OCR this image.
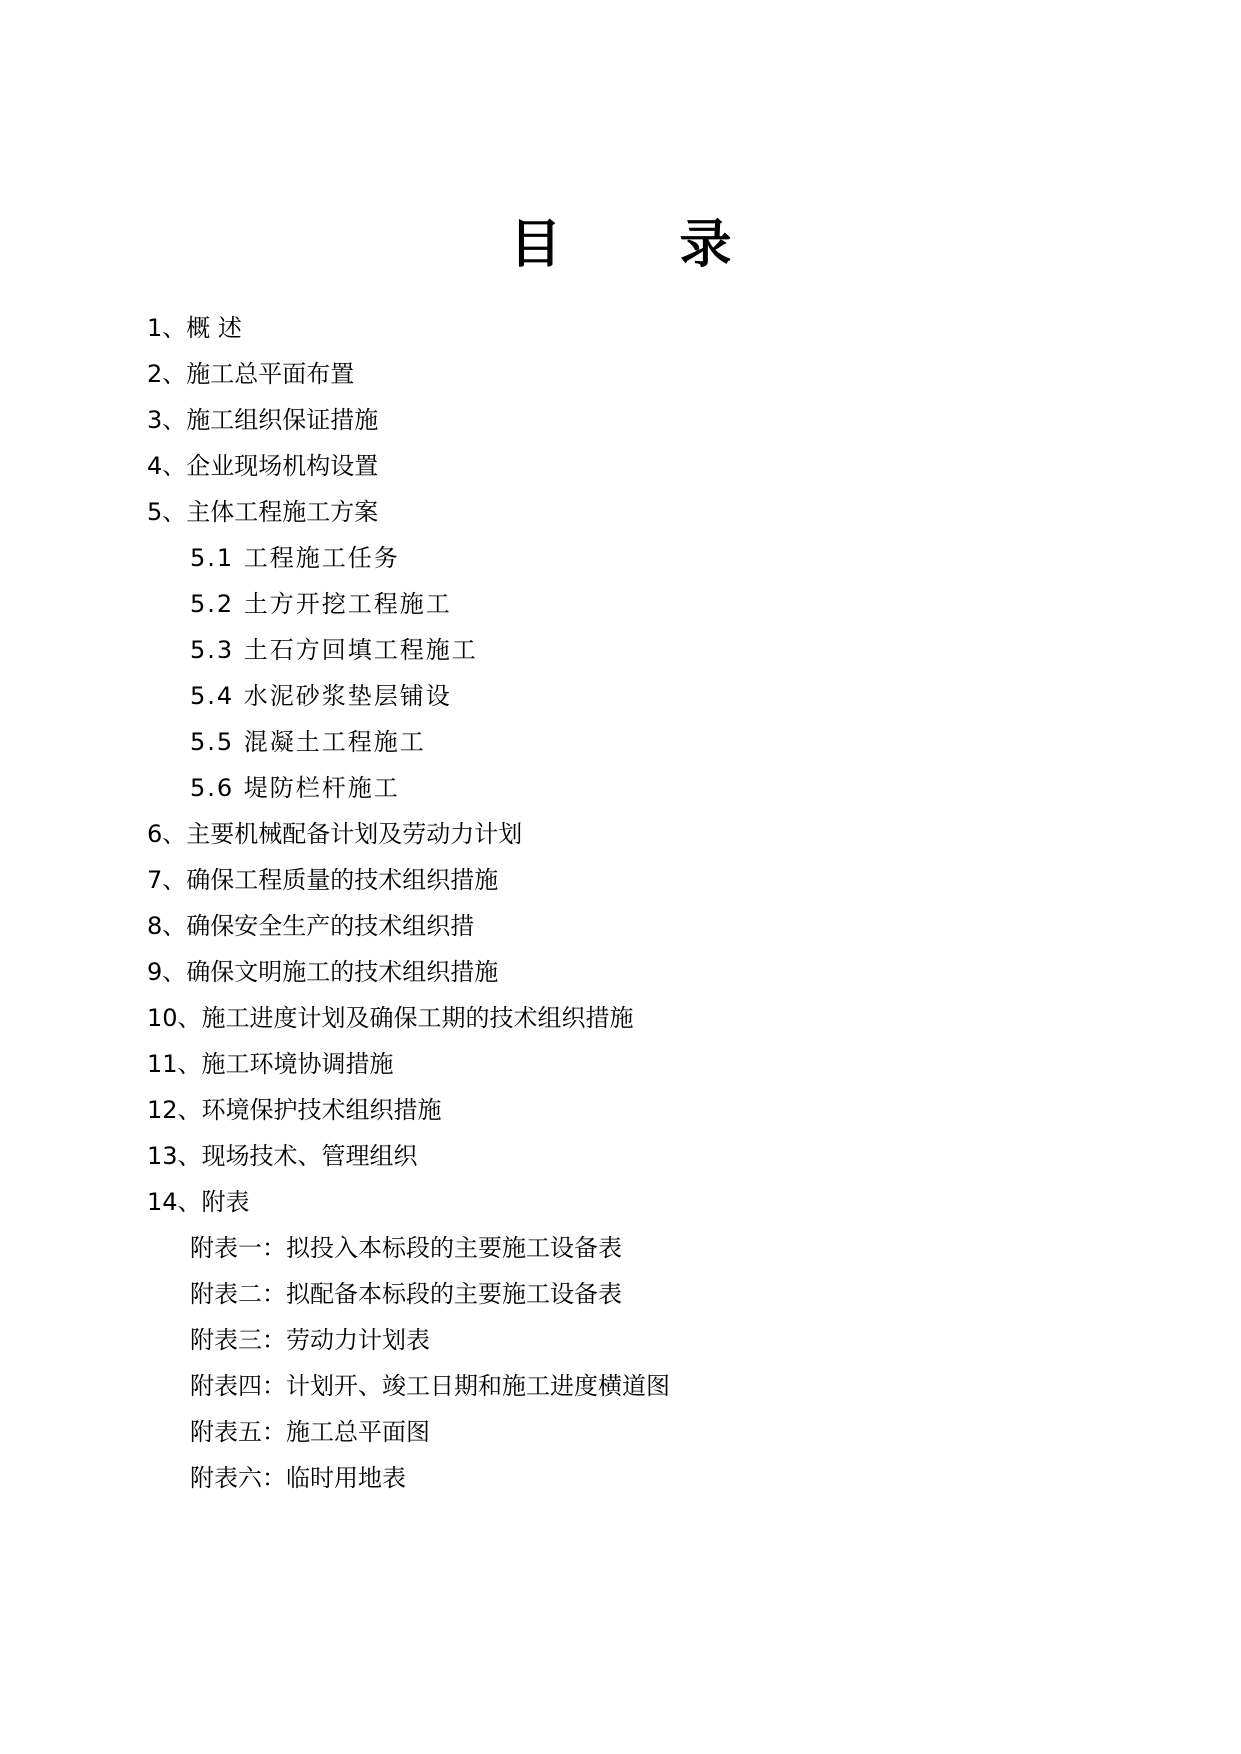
目 录
1、概 述
2、施工总平面布置
3、施工组织保证措施
4、企业现场机构设置
5、主体工程施工方案
5.1 工程施工任务
5.2 土方开挖工程施工
5.3 土石方回填工程施工
5.4 水泥砂浆垫层铺设
5.5 混凝土工程施工
5.6 堤防栏杆施工
6、主要机械配备计划及劳动力计划
7、确保工程质量的技术组织措施
8、确保安全生产的技术组织措
9、确保文明施工的技术组织措施
10、施工进度计划及确保工期的技术组织措施
11、施工环境协调措施
12、环境保护技术组织措施
13、现场技术、管理组织
14、附表
附表一：拟投入本标段的主要施工设备表
附表二：拟配备本标段的主要施工设备表
附表三：劳动力计划表
附表四：计划开、竣工日期和施工进度横道图
附表五：施工总平面图
附表六：临时用地表
